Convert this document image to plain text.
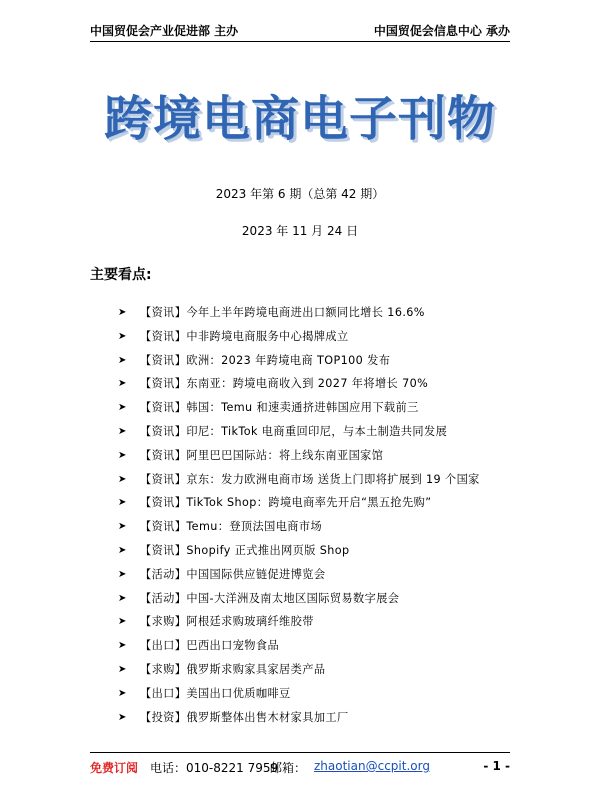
中国贸促会产业促进部 主办	中国贸促会信息中心 承办
跨境电商电子刊物
2023 年第 6 期（总第 42 期）
2023 年 11 月 24 日
主要看点:
➤ 【资讯】今年上半年跨境电商进出口额同比增长 16.6%
➤ 【资讯】中非跨境电商服务中心揭牌成立
➤ 【资讯】欧洲：2023 年跨境电商 TOP100 发布
➤ 【资讯】东南亚：跨境电商收入到 2027 年将增长 70%
➤ 【资讯】韩国：Temu 和速卖通挤进韩国应用下载前三
➤ 【资讯】印尼：TikTok 电商重回印尼，与本土制造共同发展
➤ 【资讯】阿里巴巴国际站：将上线东南亚国家馆
➤ 【资讯】京东：发力欧洲电商市场 送货上门即将扩展到 19 个国家
➤ 【资讯】TikTok Shop：跨境电商率先开启“黑五抢先购”
➤ 【资讯】Temu：登顶法国电商市场
➤ 【资讯】Shopify 正式推出网页版 Shop
➤ 【活动】中国国际供应链促进博览会
➤ 【活动】中国-大洋洲及南太地区国际贸易数字展会
➤ 【求购】阿根廷求购玻璃纤维胶带
➤ 【出口】巴西出口宠物食品
➤ 【求购】俄罗斯求购家具家居类产品
➤ 【出口】美国出口优质咖啡豆
➤ 【投资】俄罗斯整体出售木材家具加工厂
免费订阅 电话：010-8221 7959
邮箱： zhaotian@ccpit.org	- 1 -
